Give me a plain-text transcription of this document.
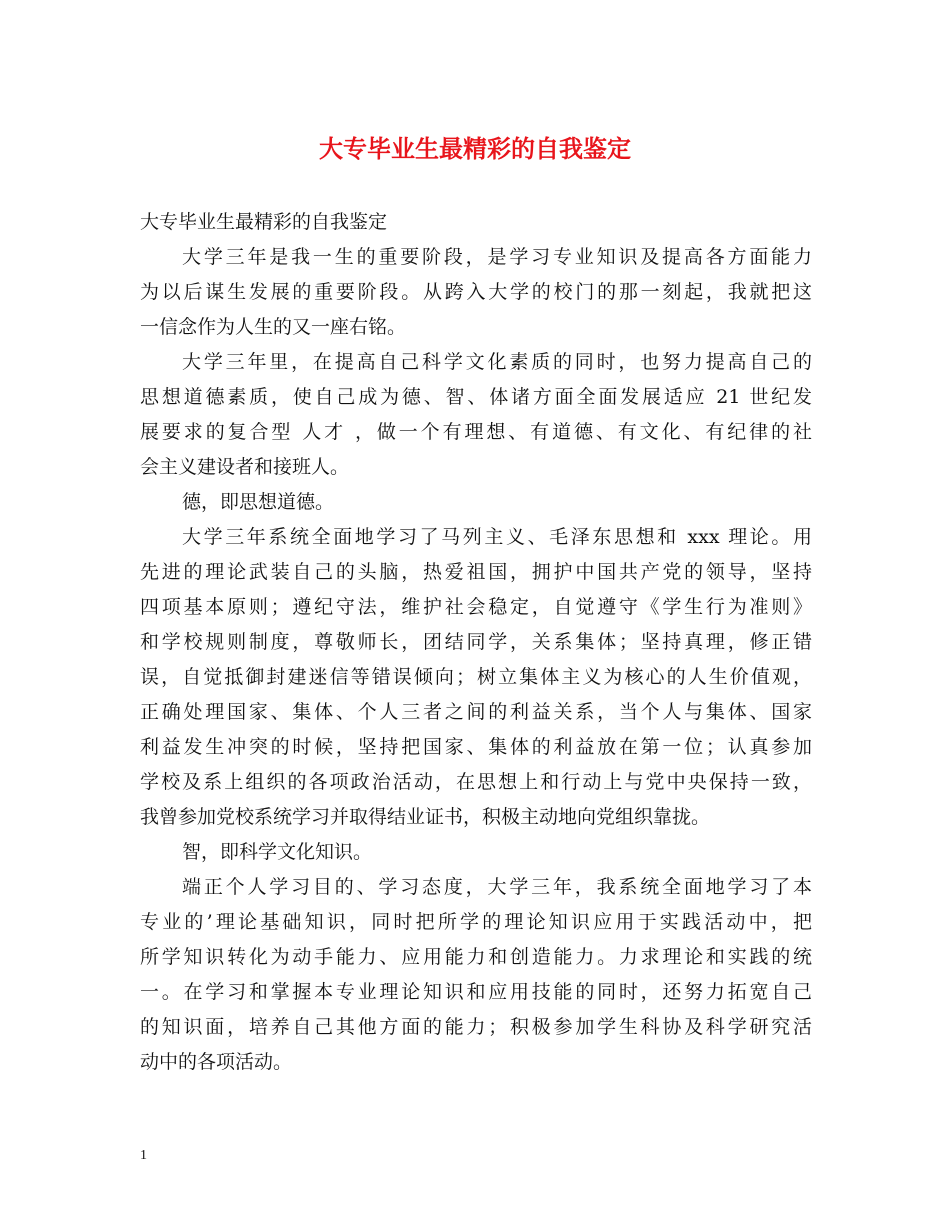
大专毕业生最精彩的自我鉴定
大专毕业生最精彩的自我鉴定
大学三年是我一生的重要阶段，是学习专业知识及提高各方面能力
为以后谋生发展的重要阶段。从跨入大学的校门的那一刻起，我就把这
一信念作为人生的又一座右铭。
大学三年里，在提高自己科学文化素质的同时，也努力提高自己的
思想道德素质，使自己成为德、智、体诸方面全面发展适应 21 世纪发
展要求的复合型 人才 ，做一个有理想、有道德、有文化、有纪律的社
会主义建设者和接班人。
德，即思想道德。
大学三年系统全面地学习了马列主义、毛泽东思想和 xxx 理论。用
先进的理论武装自己的头脑，热爱祖国，拥护中国共产党的领导，坚持
四项基本原则；遵纪守法，维护社会稳定，自觉遵守《学生行为准则》
和学校规则制度，尊敬师长，团结同学，关系集体；坚持真理，修正错
误，自觉抵御封建迷信等错误倾向；树立集体主义为核心的人生价值观，
正确处理国家、集体、个人三者之间的利益关系，当个人与集体、国家
利益发生冲突的时候，坚持把国家、集体的利益放在第一位；认真参加
学校及系上组织的各项政治活动，在思想上和行动上与党中央保持一致，
我曾参加党校系统学习并取得结业证书，积极主动地向党组织靠拢。
智，即科学文化知识。
端正个人学习目的、学习态度，大学三年，我系统全面地学习了本
专业的’理论基础知识，同时把所学的理论知识应用于实践活动中，把
所学知识转化为动手能力、应用能力和创造能力。力求理论和实践的统
一。在学习和掌握本专业理论知识和应用技能的同时，还努力拓宽自己
的知识面，培养自己其他方面的能力；积极参加学生科协及科学研究活
动中的各项活动。
1
